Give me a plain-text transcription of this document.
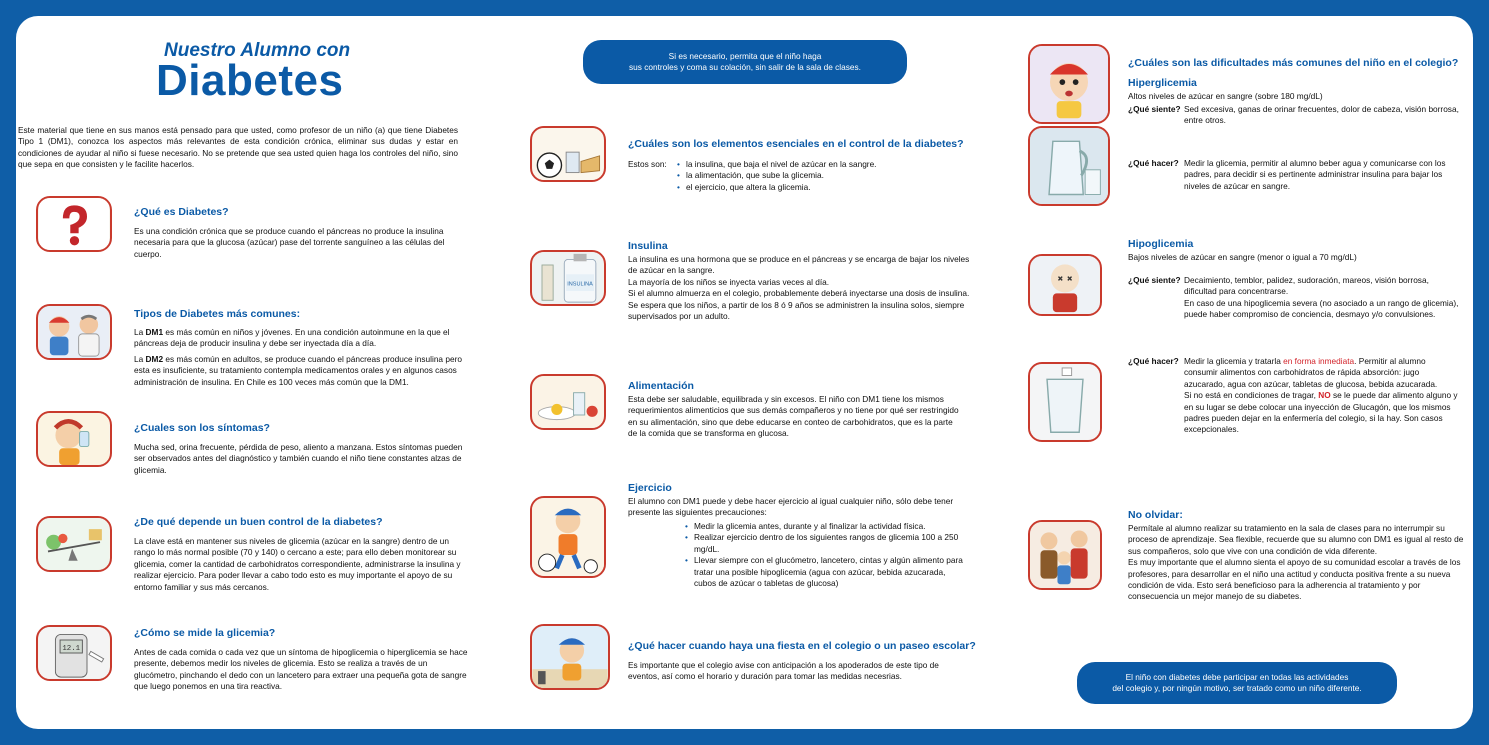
Nuestro Alumno con
Diabetes
Este material que tiene en sus manos está pensado para que usted, como profesor de un niño (a) que tiene Diabetes Tipo 1 (DM1), conozca los aspectos más relevantes de esta condición crónica, eliminar sus dudas y estar en condiciones de ayudar al niño si fuese necesario. No se pretende que sea usted quien haga los controles del niño, sino que sepa en que consisten y le facilite hacerlos.
¿Qué es Diabetes?
Es una condición crónica que se produce cuando el páncreas no produce la insulina necesaria para que la glucosa (azúcar) pase del torrente sanguíneo a las células del cuerpo.
Tipos de Diabetes más comunes:

La DM1 es más común en niños y jóvenes. En una condición autoinmune en la que el páncreas deja de producir insulina y debe ser inyectada día a día.

La DM2 es más común en adultos, se produce cuando el páncreas produce insulina pero esta es insuficiente, su tratamiento contempla medicamentos orales y en algunos casos administración de insulina. En Chile es 100 veces más común que la DM1.

¿Cuales son los síntomas?
Mucha sed, orina frecuente, pérdida de peso, aliento a manzana. Estos síntomas pueden ser observados antes del diagnóstico y también cuando el niño tiene constantes alzas de glicemia.
¿De qué depende un buen control de la diabetes?
La clave está en mantener sus niveles de glicemia (azúcar en la sangre) dentro de un rango lo más normal posible (70 y 140) o cercano a este; para ello deben monitorear su glicemia, comer la cantidad de carbohidratos correspondiente, administrarse la insulina y realizar ejercicio. Para poder llevar a cabo todo esto es muy importante el apoyo de su entorno familiar y sus más cercanos.
12.1
¿Cómo se mide la glicemia?
Antes de cada comida o cada vez que un síntoma de hipoglicemia o hiperglicemia se hace presente, debemos medir los niveles de glicemia. Esto se realiza a través de un glucómetro, pinchando el dedo con un lancetero para extraer una pequeña gota de sangre que luego ponemos en una tira reactiva.
Si es necesario, permita que el niño haga
sus controles y coma su colación, sin salir de la sala de clases.
¿Cuáles son los elementos esenciales en el control de la diabetes?
Estos son:
•	la insulina, que baja el nivel de azúcar en la sangre.
• la alimentación, que sube la glicemia.
• el ejercicio, que altera la glicemia.
INSULINA
Insulina

La insulina es una hormona que se produce en el páncreas y se encarga de bajar los niveles de azúcar en la sangre.

La mayoría de los niños se inyecta varias veces al día.

Si el alumno almuerza en el colegio, probablemente deberá inyectarse una dosis de insulina. Se espera que los niños, a partir de los 8 ó 9 años se administren la insulina solos, siempre supervisados por un adulto.

Alimentación
Esta debe ser saludable, equilibrada y sin excesos. El niño con DM1 tiene los mismos requerimientos alimenticios que sus demás compañeros y no tiene por qué ser restringido en su alimentación, sino que debe educarse en conteo de carbohidratos, que es la parte de la comida que se transforma en glucosa.
Ejercicio
El alumno con DM1 puede y debe hacer ejercicio al igual cualquier niño, sólo debe tener presente las siguientes precauciones:
• Medir la glicemia antes, durante y al finalizar la actividad física.
• Realizar ejercicio dentro de los siguientes rangos de glicemia 100 a 250 mg/dL.
• Llevar siempre con el glucómetro, lancetero, cintas y algún alimento para tratar una posible hipoglicemia (agua con azúcar, bebida azucarada, cubos de azúcar o tabletas de glucosa)
¿Qué hacer cuando haya una fiesta en el colegio o un paseo escolar?
Es importante que el colegio avise con anticipación a los apoderados de este tipo de eventos, así como el horario y duración para tomar las medidas necesrias.
¿Cuáles son las dificultades más comunes del niño en el colegio?
Hiperglicemia
Altos niveles de azúcar en sangre (sobre 180 mg/dL)
¿Qué siente? Sed excesiva, ganas de orinar frecuentes, dolor de cabeza, visión borrosa, entre otros.
¿Qué hacer? Medir la glicemia, permitir al alumno beber agua y comunicarse con los padres, para decidir si es pertinente administrar insulina para bajar los niveles de azúcar en sangre.
Hipoglicemia
Bajos niveles de azúcar en sangre (menor o igual a 70 mg/dL)
¿Qué siente? Decaimiento, temblor, palidez, sudoración, mareos, visión borrosa, dificultad para concentrarse.
En caso de una hipoglicemia severa (no asociado a un rango de glicemia), puede haber compromiso de conciencia, desmayo y/o convulsiones.
¿Qué hacer? Medir la glicemia y tratarla en forma inmediata. Permitir al alumno consumir alimentos con carbohidratos de rápida absorción: jugo azucarado, agua con azúcar, tabletas de glucosa, bebida azucarada.
Si no está en condiciones de tragar, NO se le puede dar alimento alguno y en su lugar se debe colocar una inyección de Glucagón, que los mismos padres pueden dejar en la enfermería del colegio, si la hay. Son casos excepcionales.
No olvidar:

Permítale al alumno realizar su tratamiento en la sala de clases para no interrumpir su proceso de aprendizaje. Sea flexible, recuerde que su alumno con DM1 es igual al resto de sus compañeros, solo que vive con una condición de vida diferente.

Es muy importante que el alumno sienta el apoyo de su comunidad escolar a través de los profesores, para desarrollar en el niño una actitud y conducta positiva frente a su nueva condición de vida. Esto será beneficioso para la adherencia al tratamiento y por consecuencia un mejor manejo de su diabetes.

El niño con diabetes debe participar en todas las actividades
del colegio y, por ningún motivo, ser tratado como un niño diferente.
